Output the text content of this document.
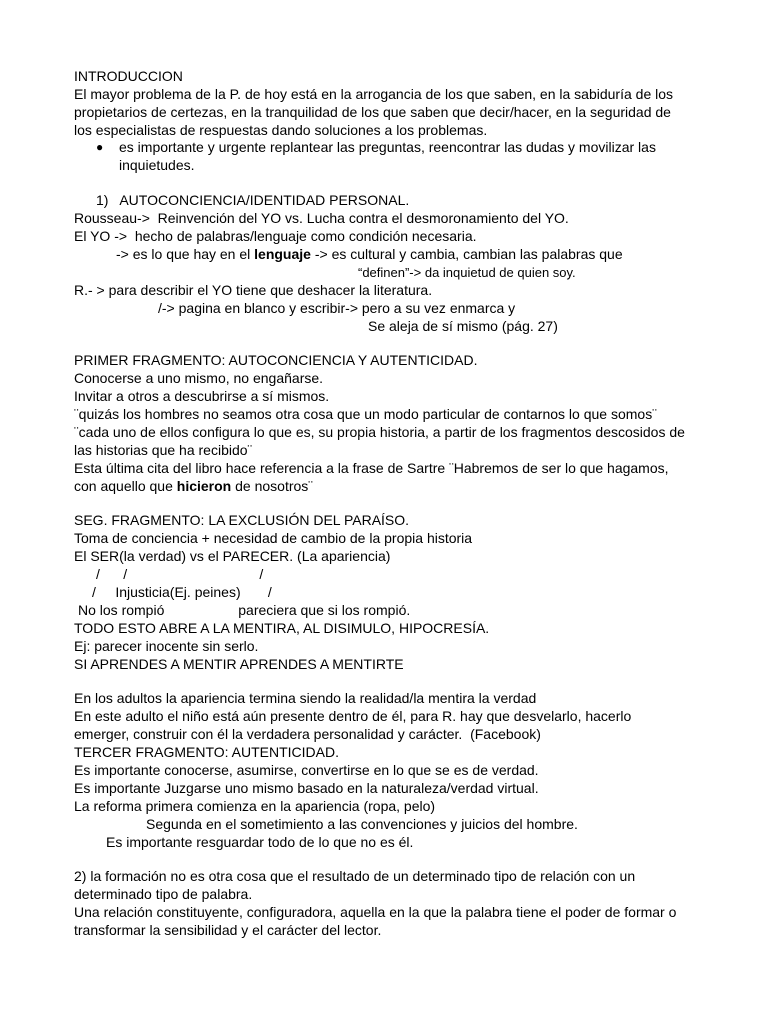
INTRODUCCION
El mayor problema de la P. de hoy está en la arrogancia de los que saben, en la sabiduría de los
propietarios de certezas, en la tranquilidad de los que saben que decir/hacer, en la seguridad de
los especialistas de respuestas dando soluciones a los problemas.
● es importante y urgente replantear las preguntas, reencontrar las dudas y movilizar las
inquietudes.
1)   AUTOCONCIENCIA/IDENTIDAD PERSONAL.
Rousseau->  Reinvención del YO vs. Lucha contra el desmoronamiento del YO.
El YO ->  hecho de palabras/lenguaje como condición necesaria.
-> es lo que hay en el lenguaje -> es cultural y cambia, cambian las palabras que
“definen”-> da inquietud de quien soy.
R.- > para describir el YO tiene que deshacer la literatura.
/-> pagina en blanco y escribir-> pero a su vez enmarca y
Se aleja de sí mismo (pág. 27)
PRIMER FRAGMENTO: AUTOCONCIENCIA Y AUTENTICIDAD.
Conocerse a uno mismo, no engañarse.
Invitar a otros a descubrirse a sí mismos.
¨quizás los hombres no seamos otra cosa que un modo particular de contarnos lo que somos¨
¨cada uno de ellos configura lo que es, su propia historia, a partir de los fragmentos descosidos de
las historias que ha recibido¨
Esta última cita del libro hace referencia a la frase de Sartre ¨Habremos de ser lo que hagamos,
con aquello que hicieron de nosotros¨
SEG. FRAGMENTO: LA EXCLUSIÓN DEL PARAÍSO.
Toma de conciencia + necesidad de cambio de la propia historia
El SER(la verdad) vs el PARECER. (La apariencia)
/      /                                  /
/     Injusticia(Ej. peines)       /
No los rompió                   pareciera que si los rompió.
TODO ESTO ABRE A LA MENTIRA, AL DISIMULO, HIPOCRESÍA.
Ej: parecer inocente sin serlo.
SI APRENDES A MENTIR APRENDES A MENTIRTE
En los adultos la apariencia termina siendo la realidad/la mentira la verdad
En este adulto el niño está aún presente dentro de él, para R. hay que desvelarlo, hacerlo
emerger, construir con él la verdadera personalidad y carácter.  (Facebook)
TERCER FRAGMENTO: AUTENTICIDAD.
Es importante conocerse, asumirse, convertirse en lo que se es de verdad.
Es importante Juzgarse uno mismo basado en la naturaleza/verdad virtual.
La reforma primera comienza en la apariencia (ropa, pelo)
Segunda en el sometimiento a las convenciones y juicios del hombre.
Es importante resguardar todo de lo que no es él.
2) la formación no es otra cosa que el resultado de un determinado tipo de relación con un
determinado tipo de palabra.
Una relación constituyente, configuradora, aquella en la que la palabra tiene el poder de formar o
transformar la sensibilidad y el carácter del lector.
